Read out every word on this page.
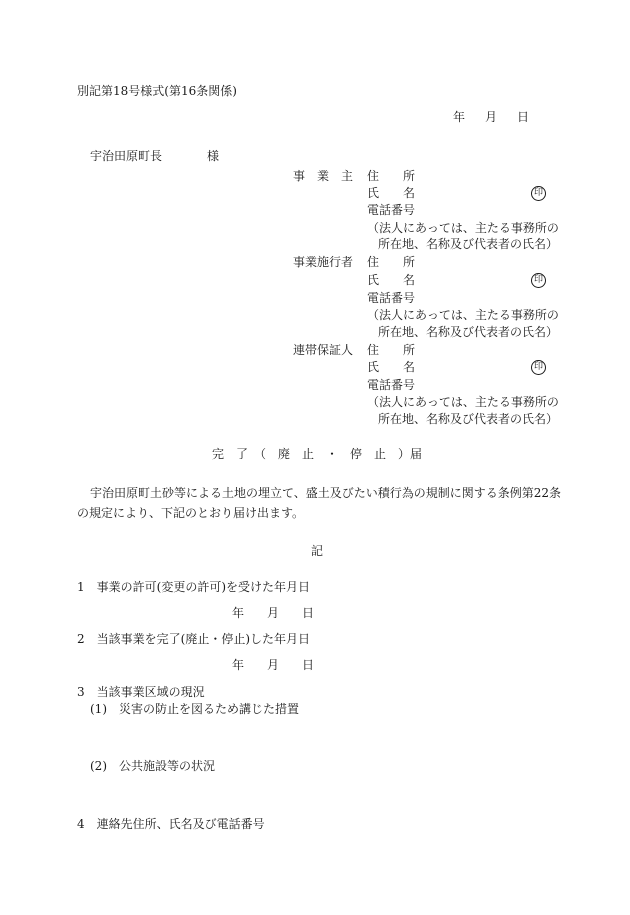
別記第18号様式(第16条関係)
年 月 日
宇治田原町長	様
事　業　主 住　　所
氏　　名	印
電話番号
（法人にあっては、主たる事務所の
所在地、名称及び代表者の氏名）
事業施行者 住　　所
氏　　名	印
電話番号
（法人にあっては、主たる事務所の
所在地、名称及び代表者の氏名）
連帯保証人 住　　所
氏　　名	印
電話番号
（法人にあっては、主たる事務所の
所在地、名称及び代表者の氏名）
完　了　（　廃　止　・　停　止　）届
宇治田原町土砂等による土地の埋立て、盛土及びたい積行為の規制に関する条例第22条
の規定により、下記のとおり届け出ます。
記
1　事業の許可(変更の許可)を受けた年月日
年 月 日
2　当該事業を完了(廃止・停止)した年月日
年 月 日
3　当該事業区域の現況
(1)　災害の防止を図るため講じた措置
(2)　公共施設等の状況
4　連絡先住所、氏名及び電話番号
